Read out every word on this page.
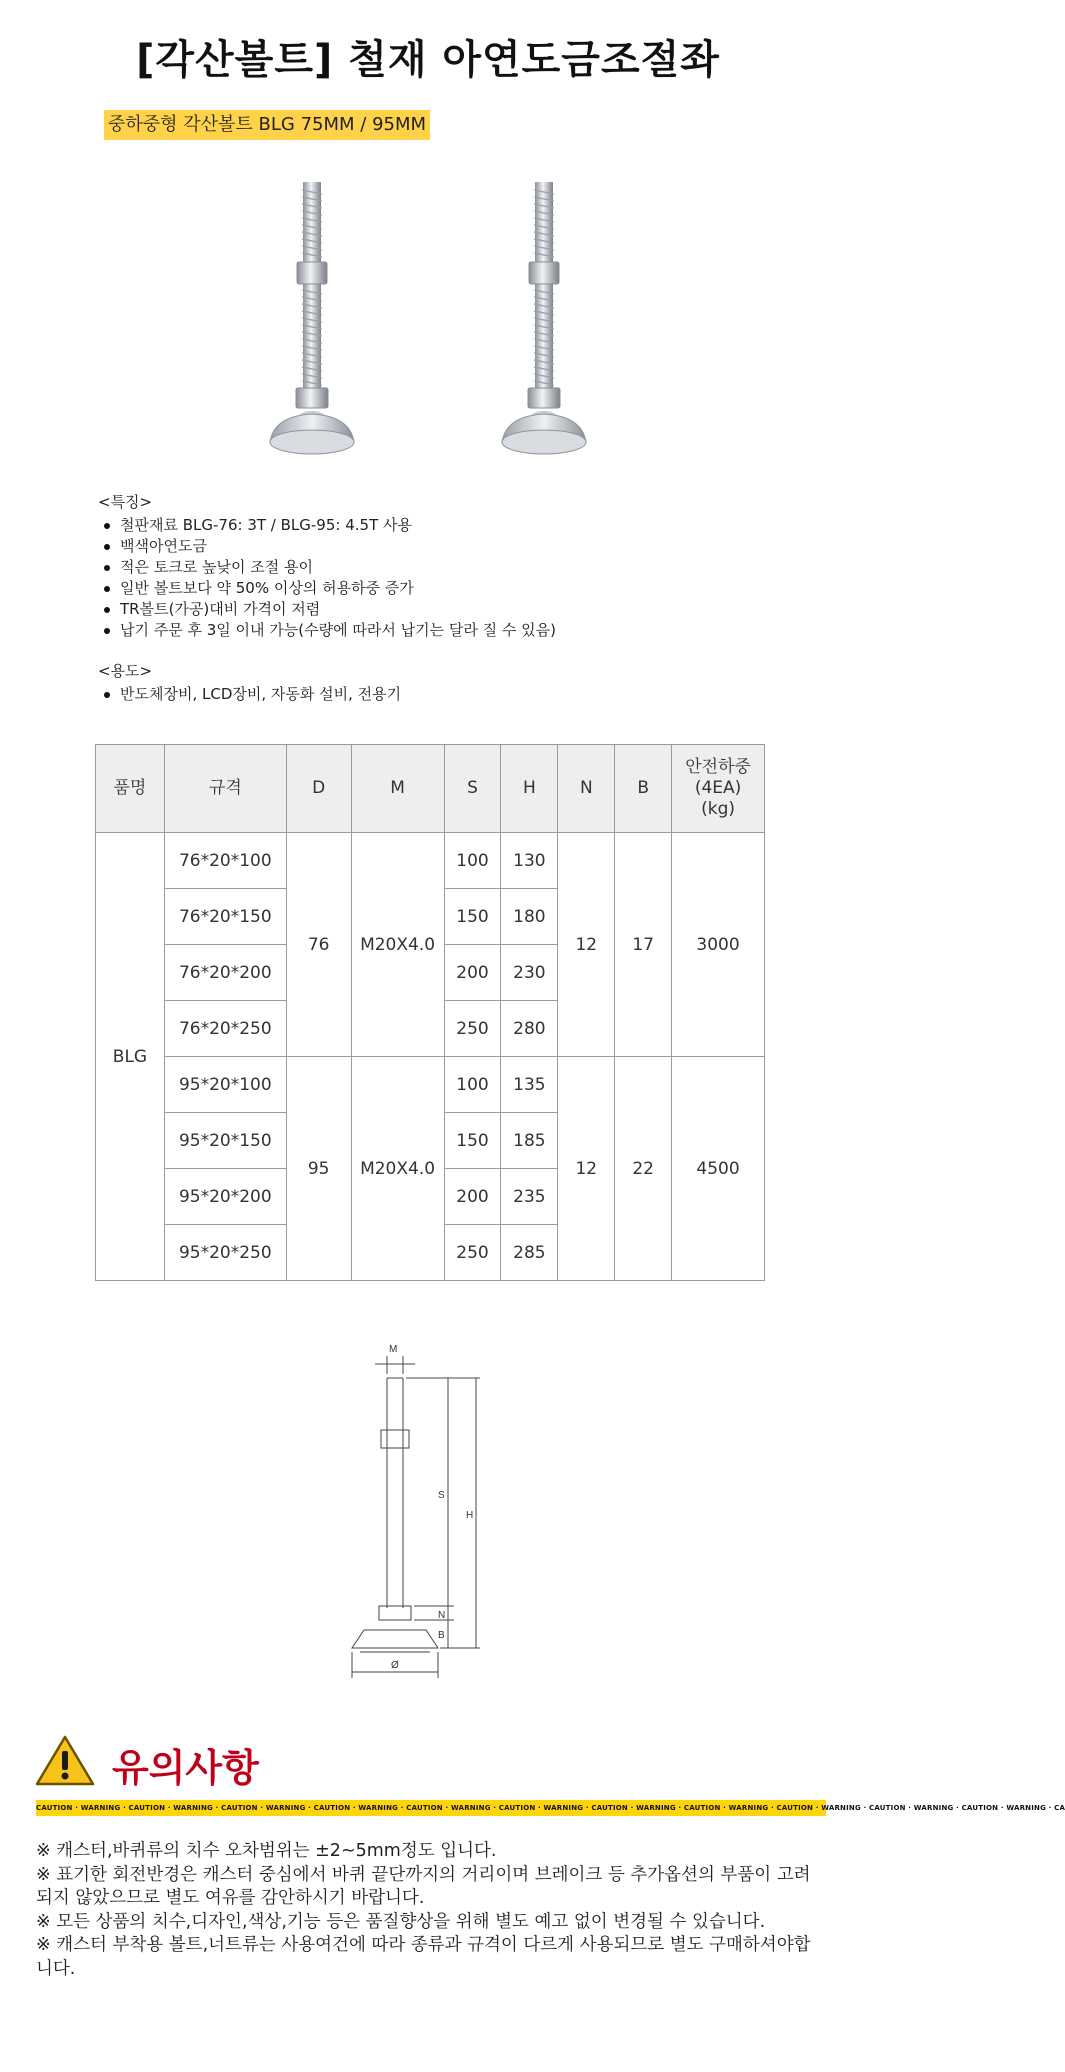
[각산볼트] 철재 아연도금조절좌
중하중형 각산볼트 BLG 75MM / 95MM
<특징>
철판재료 BLG-76: 3T / BLG-95: 4.5T 사용
백색아연도금
적은 토크로 높낮이 조절 용이
일반 볼트보다 약 50% 이상의 허용하중 증가
TR볼트(가공)대비 가격이 저렴
납기 주문 후 3일 이내 가능(수량에 따라서 납기는 달라 질 수 있음)
<용도>
반도체장비, LCD장비, 자동화 설비, 전용기
품명	규격	D	M	S	H	N	B	안전하중
(4EA)
(kg)

BLG	76*20*100	76	M20X4.0	100	130	12	17	3000
	76*20*150			150	180			
	76*20*200			200	230			
	76*20*250			250	280			
	95*20*100	95	M20X4.0	100	135	12	22	4500
	95*20*150			150	185			
	95*20*200			200	235			
	95*20*250			250	285			
M
S
H
N
B
Ø
유의사항
CAUTION · WARNING · CAUTION · WARNING · CAUTION · WARNING · CAUTION · WARNING · CAUTION · WARNING · CAUTION · WARNING · CAUTION · WARNING · CAUTION · WARNING · CAUTION · WARNING · CAUTION · WARNING · CAUTION · WARNING · CA
※ 캐스터,바퀴류의 치수 오차범위는 ±2~5mm정도 입니다.
※ 표기한 회전반경은 캐스터 중심에서 바퀴 끝단까지의 거리이며 브레이크 등 추가옵션의 부품이 고려되지 않았으므로 별도 여유를 감안하시기 바랍니다.
※ 모든 상품의 치수,디자인,색상,기능 등은 품질향상을 위해 별도 예고 없이 변경될 수 있습니다.
※ 캐스터 부착용 볼트,너트류는 사용여건에 따라 종류과 규격이 다르게 사용되므로 별도 구매하셔야합니다.
